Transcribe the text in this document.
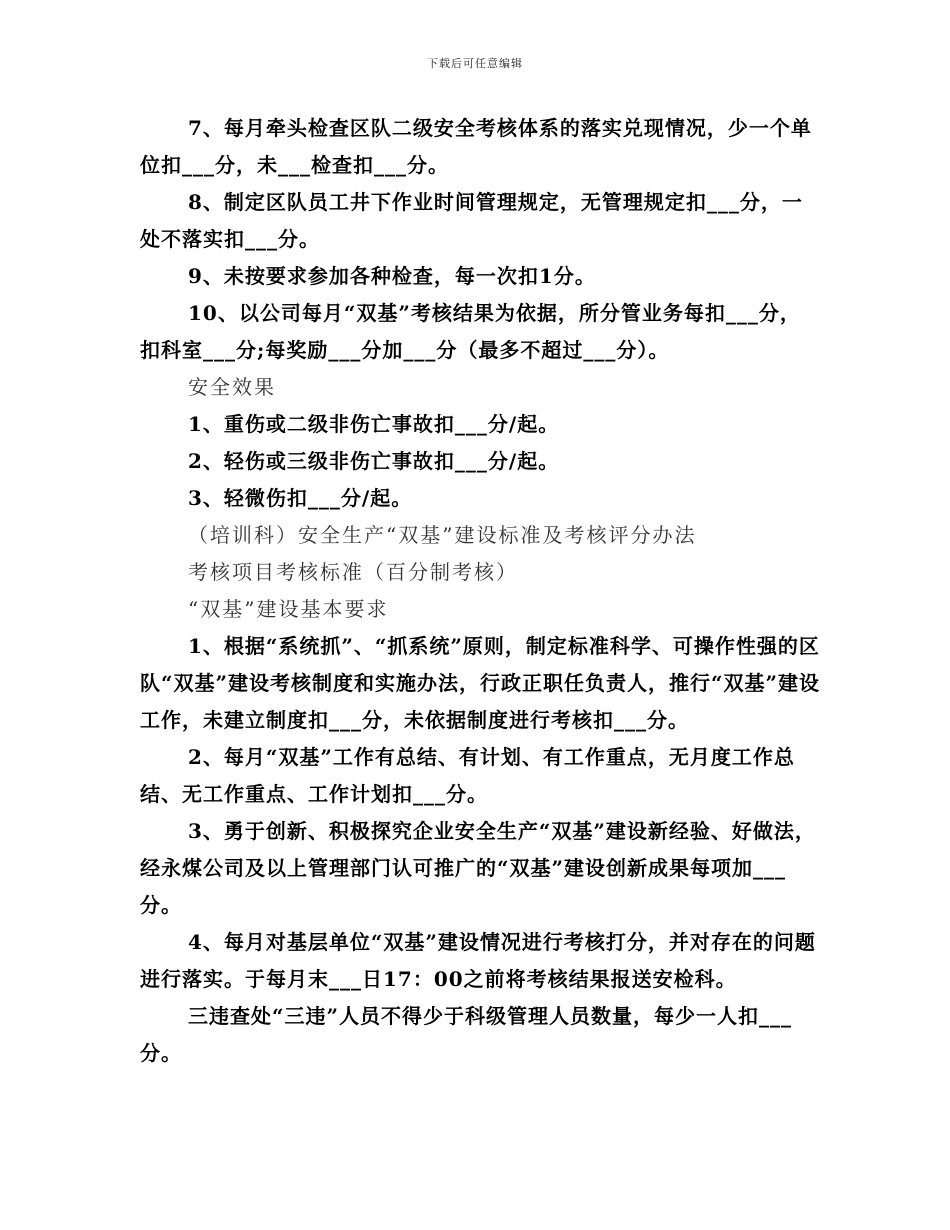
下载后可任意编辑

7、每月牵头检查区队二级安全考核体系的落实兑现情况，少一个单位扣___分，未___检查扣___分。

8、制定区队员工井下作业时间管理规定，无管理规定扣___分，一处不落实扣___分。

9、未按要求参加各种检查，每一次扣1分。

10、以公司每月“双基”考核结果为依据，所分管业务每扣___分，扣科室___分;每奖励___分加___分（最多不超过___分）。

安全效果

1、重伤或二级非伤亡事故扣___分/起。

2、轻伤或三级非伤亡事故扣___分/起。

3、轻微伤扣___分/起。

（培训科）安全生产“双基”建设标准及考核评分办法

考核项目考核标准（百分制考核）

“双基”建设基本要求

1、根据“系统抓”、“抓系统”原则，制定标准科学、可操作性强的区队“双基”建设考核制度和实施办法，行政正职任负责人，推行“双基”建设工作，未建立制度扣___分，未依据制度进行考核扣___分。

2、每月“双基”工作有总结、有计划、有工作重点，无月度工作总结、无工作重点、工作计划扣___分。

3、勇于创新、积极探究企业安全生产“双基”建设新经验、好做法，经永煤公司及以上管理部门认可推广的“双基”建设创新成果每项加___分。

4、每月对基层单位“双基”建设情况进行考核打分，并对存在的问题进行落实。于每月末___日17：00之前将考核结果报送安检科。

三违查处“三违”人员不得少于科级管理人员数量，每少一人扣___分。
